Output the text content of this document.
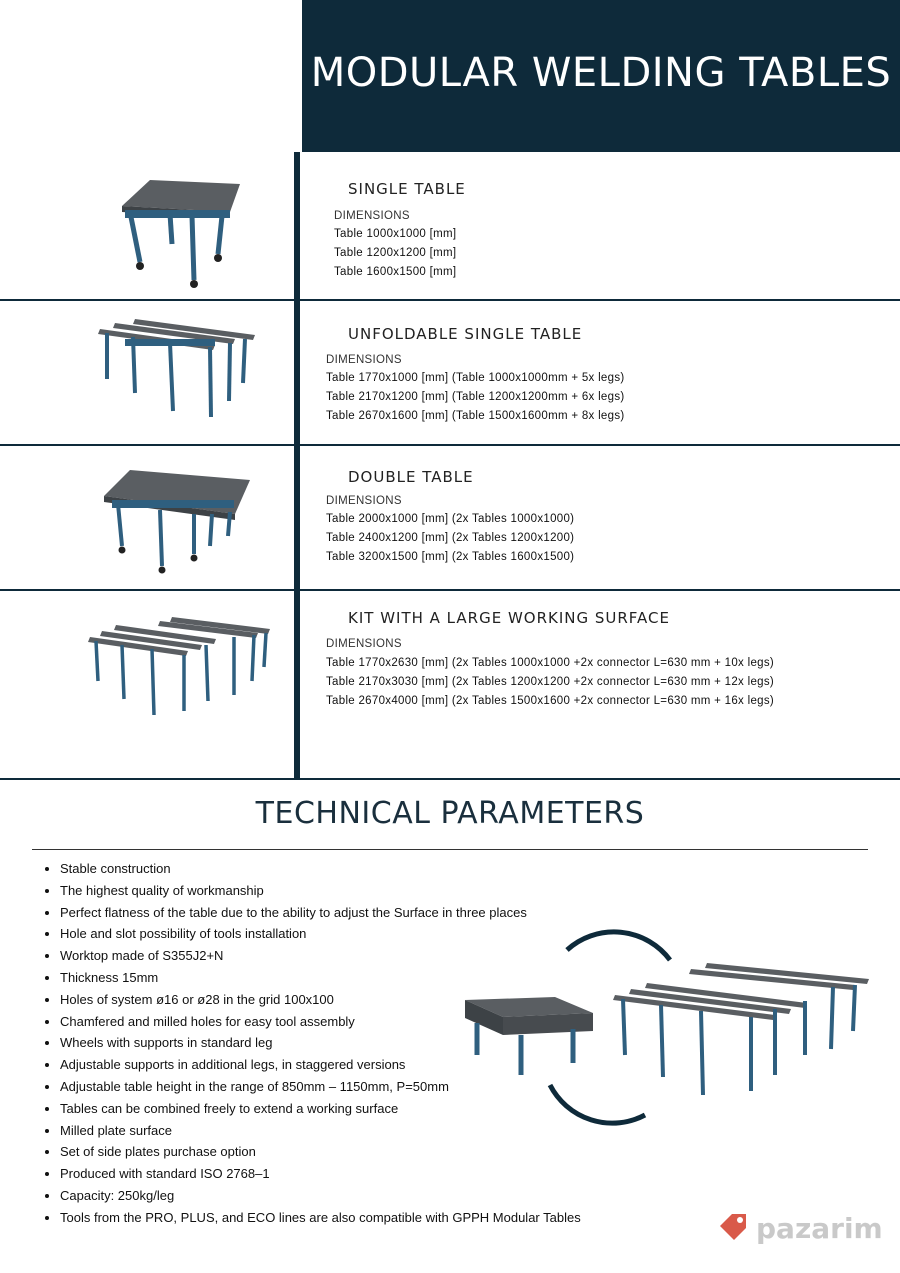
MODULAR WELDING TABLES
SINGLE TABLE
DIMENSIONS
Table 1000x1000 [mm]
Table 1200x1200 [mm]
Table 1600x1500 [mm]
UNFOLDABLE SINGLE TABLE
DIMENSIONS
Table 1770x1000 [mm] (Table 1000x1000mm + 5x legs)
Table 2170x1200 [mm] (Table 1200x1200mm + 6x legs)
Table 2670x1600 [mm] (Table 1500x1600mm + 8x legs)
DOUBLE TABLE
DIMENSIONS
Table 2000x1000 [mm] (2x Tables 1000x1000)
Table 2400x1200 [mm] (2x Tables 1200x1200)
Table 3200x1500 [mm] (2x Tables 1600x1500)
KIT WITH A LARGE WORKING SURFACE
DIMENSIONS
Table 1770x2630 [mm] (2x Tables 1000x1000 +2x connector L=630 mm + 10x legs)
Table 2170x3030 [mm] (2x Tables 1200x1200 +2x connector L=630 mm + 12x legs)
Table 2670x4000 [mm] (2x Tables 1500x1600 +2x connector L=630 mm + 16x legs)
TECHNICAL PARAMETERS
• Stable construction
• The highest quality of workmanship
• Perfect flatness of the table due to the ability to adjust the Surface in three places
• Hole and slot possibility of tools installation
• Worktop made of S355J2+N
• Thickness 15mm
• Holes of system ø16 or ø28 in the grid 100x100
• Chamfered and milled holes for easy tool assembly
• Wheels with supports in standard leg
• Adjustable supports in additional legs, in staggered versions
• Adjustable table height in the range of 850mm – 1150mm, P=50mm
• Tables can be combined freely to extend a working surface
• Milled plate surface
• Set of side plates purchase option
• Produced with standard ISO 2768–1
• Capacity: 250kg/leg
• Tools from the PRO, PLUS, and ECO lines are also compatible with GPPH Modular Tables	pazarim
